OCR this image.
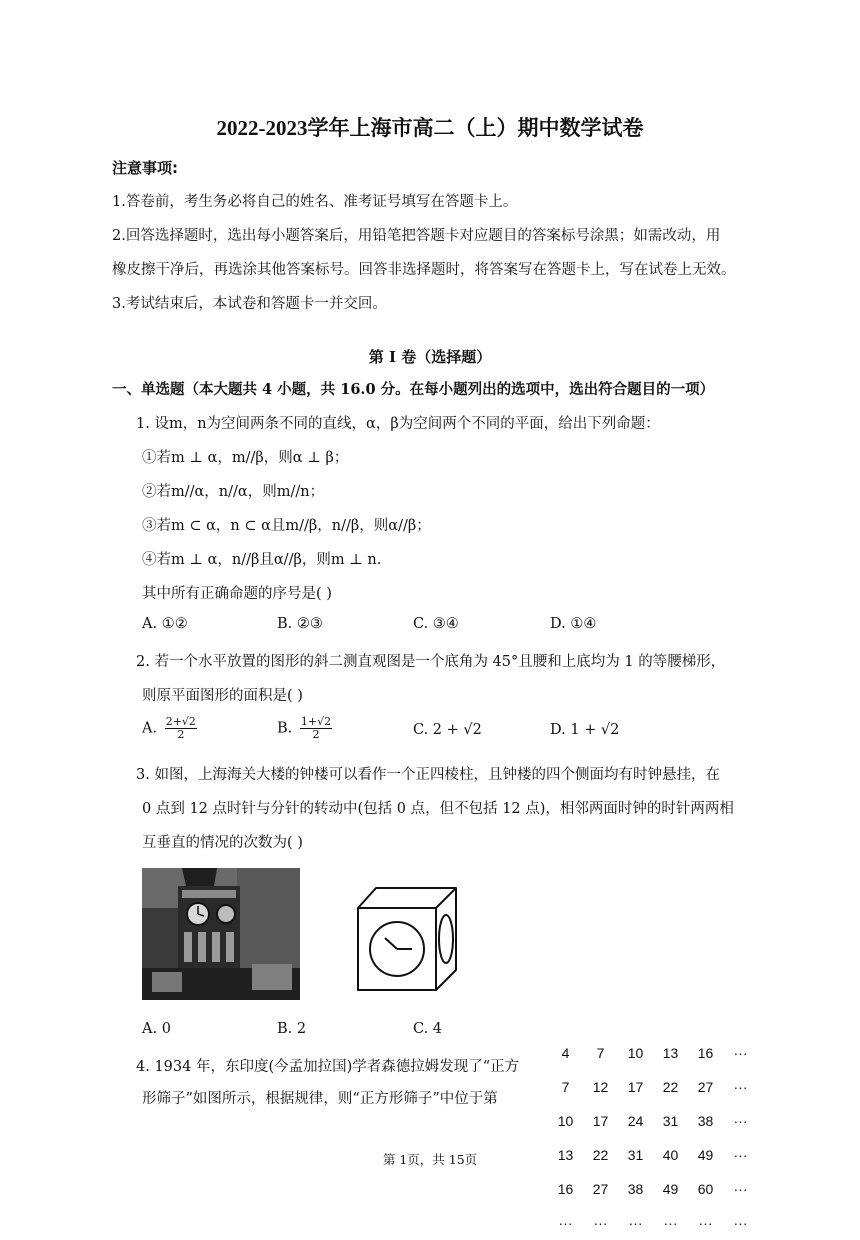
2022-2023学年上海市高二（上）期中数学试卷
注意事项:
1.答卷前，考生务必将自己的姓名、准考证号填写在答题卡上。
2.回答选择题时，选出每小题答案后，用铅笔把答题卡对应题目的答案标号涂黑；如需改动，用
橡皮擦干净后，再选涂其他答案标号。回答非选择题时，将答案写在答题卡上，写在试卷上无效。
3.考试结束后，本试卷和答题卡一并交回。
第 I 卷（选择题）
一、单选题（本大题共 4 小题，共 16.0 分。在每小题列出的选项中，选出符合题目的一项）
1. 设m，n为空间两条不同的直线，α，β为空间两个不同的平面，给出下列命题：
①若m ⊥ α，m//β，则α ⊥ β；
②若m//α，n//α，则m//n；
③若m ⊂ α，n ⊂ α且m//β，n//β，则α//β；
④若m ⊥ α，n//β且α//β，则m ⊥ n.
其中所有正确命题的序号是( )
A. ①②	B. ②③	C. ③④	D. ①④
2. 若一个水平放置的图形的斜二测直观图是一个底角为 45°且腰和上底均为 1 的等腰梯形，
则原平面图形的面积是( )
A. $\frac{2+√2}{2}$	B. $\frac{1+√2}{2}$	C. 2 + √2	D. 1 + √2
3. 如图，上海海关大楼的钟楼可以看作一个正四棱柱，且钟楼的四个侧面均有时钟悬挂，在
0 点到 12 点时针与分针的转动中(包括 0 点，但不包括 12 点)，相邻两面时钟的时针两两相
互垂直的情况的次数为( )
A. 0	B. 2	C. 4
4. 1934 年，东印度(今孟加拉国)学者森德拉姆发现了“正方
形筛子”如图所示，根据规律，则“正方形筛子”中位于第
4	7	10	13	16	···
7	12	17	22	27	···
10	17	24	31	38	···
13	22	31	40	49	···
16	27	38	49	60	···
···	···	···	···	···	···
第 1页，共 15页
